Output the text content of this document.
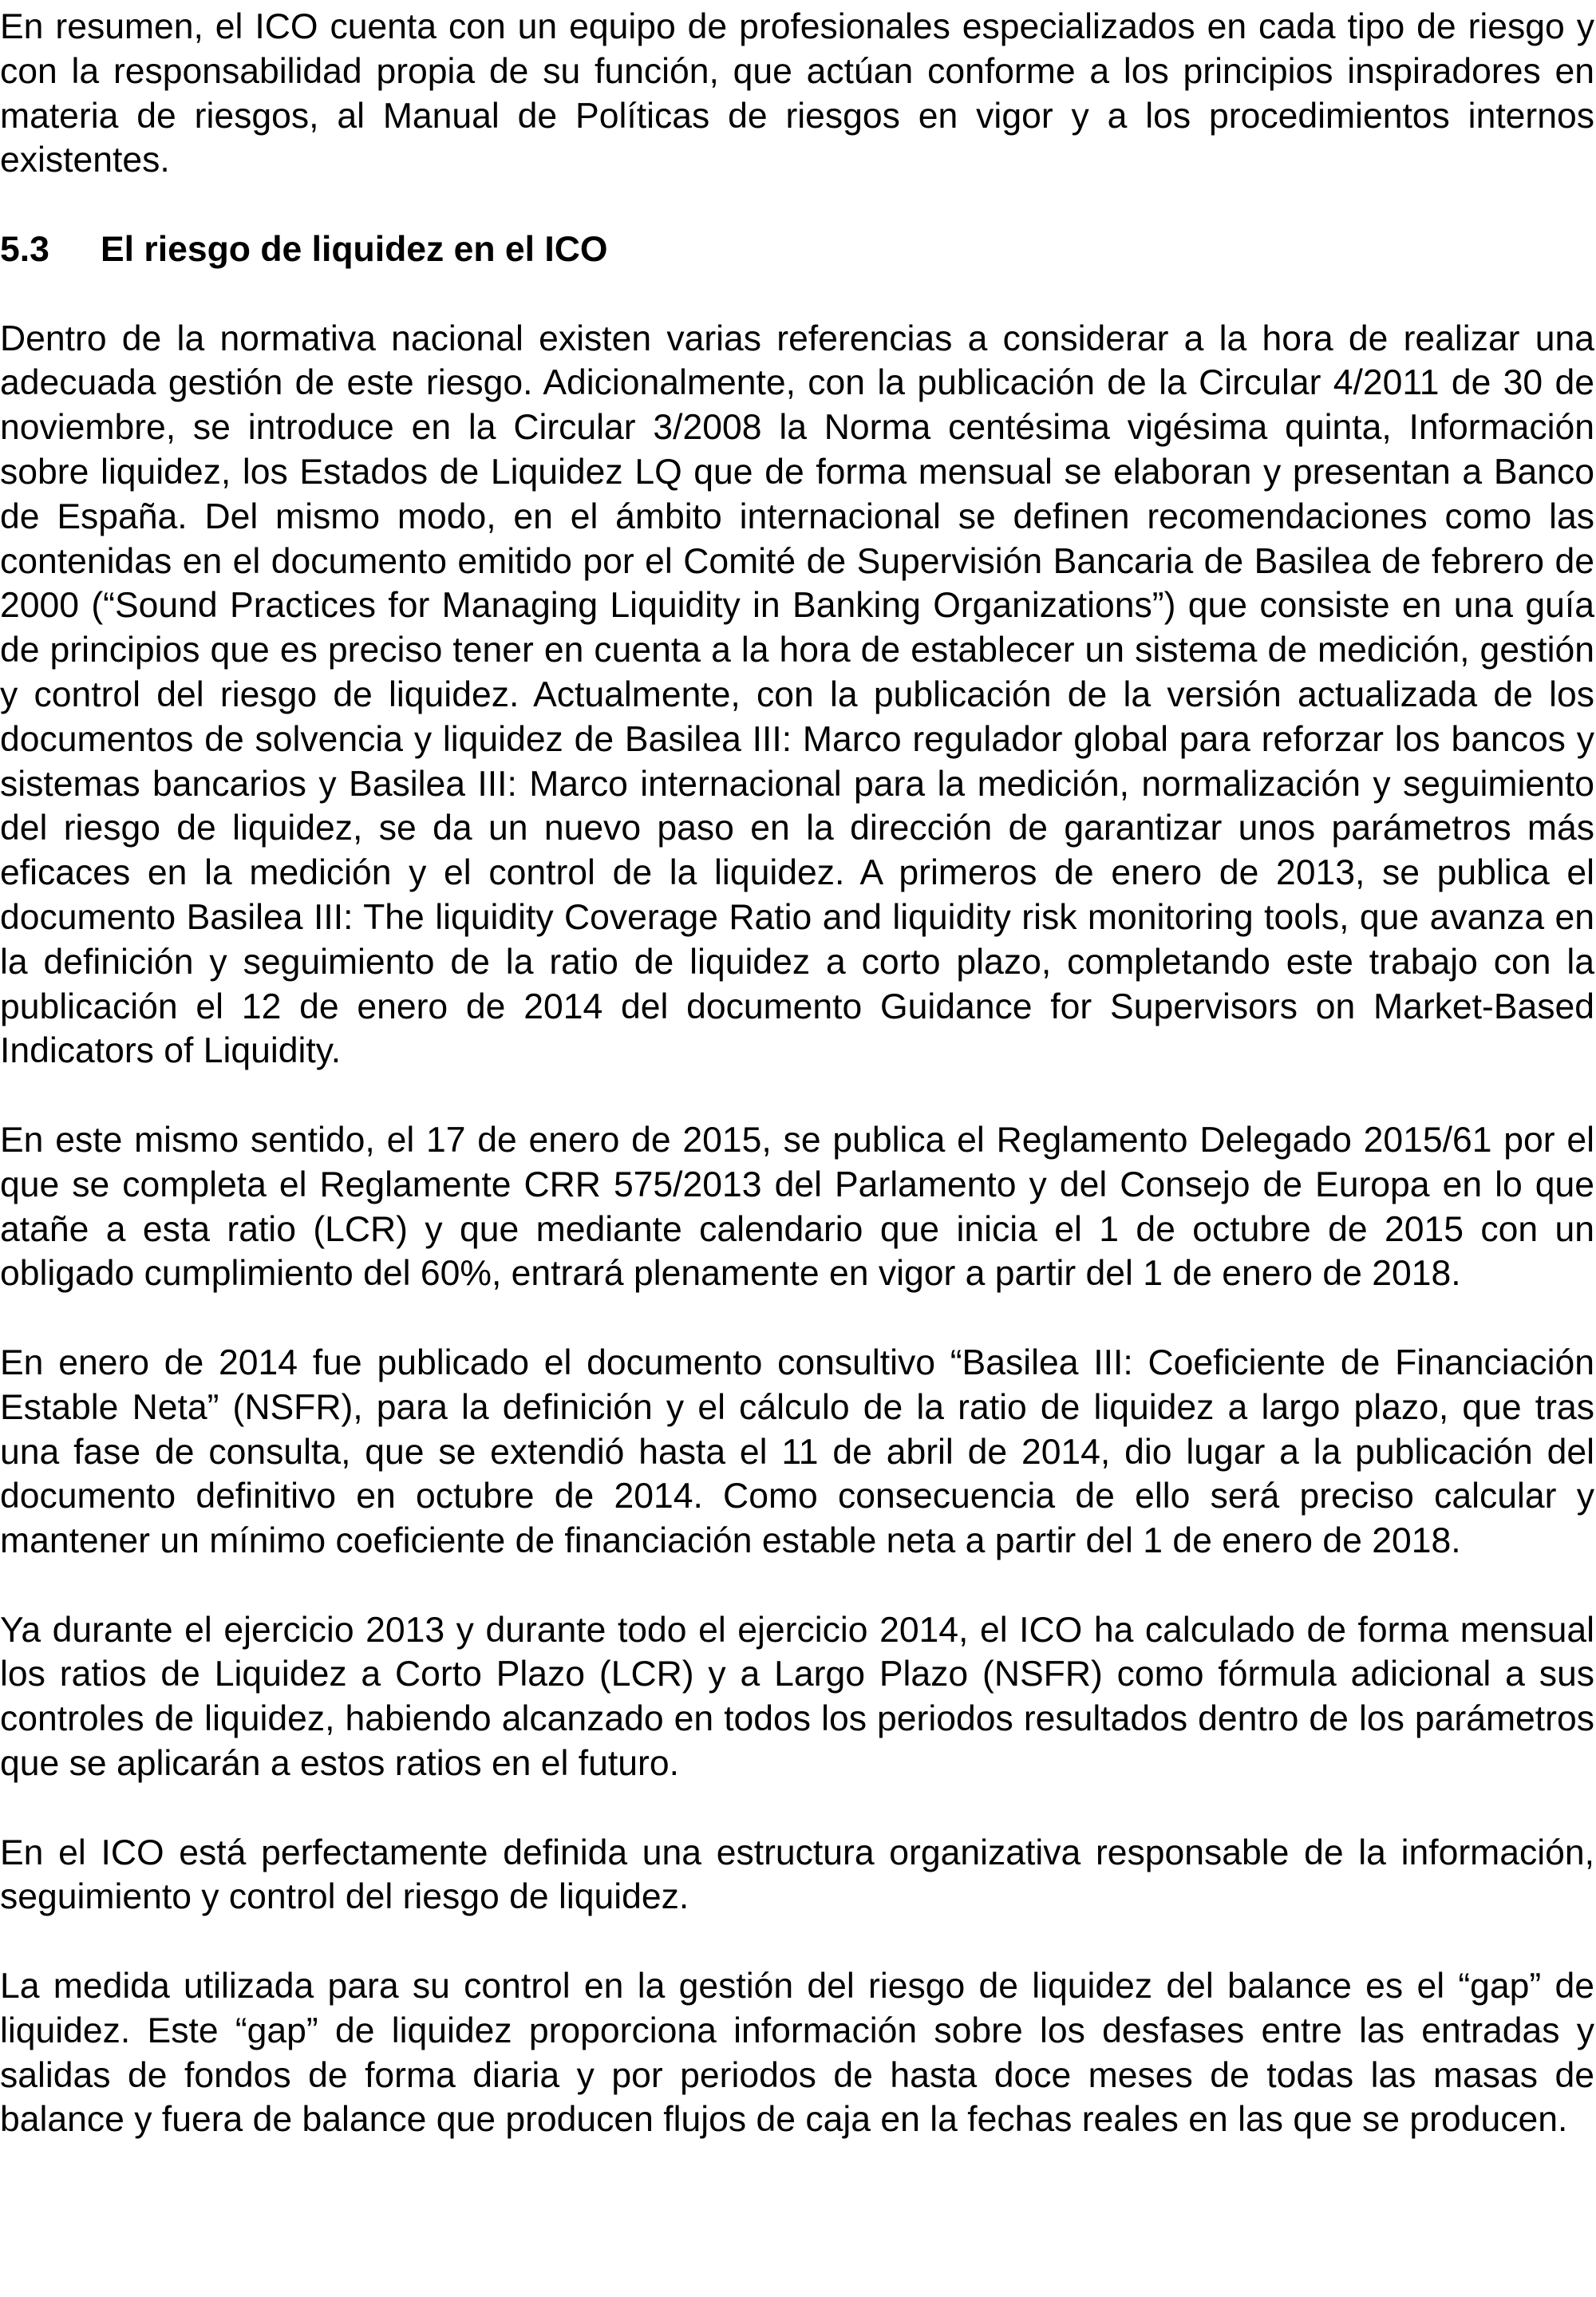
En resumen, el ICO cuenta con un equipo de profesionales especializados en cada tipo de riesgo y con la responsabilidad propia de su función, que actúan conforme a los principios inspiradores en materia de riesgos, al Manual de Políticas de riesgos en vigor y a los procedimientos internos existentes.

5.3	El riesgo de liquidez en el ICO

Dentro de la normativa nacional existen varias referencias a considerar a la hora de realizar una adecuada gestión de este riesgo. Adicionalmente, con la publicación de la Circular 4/2011 de 30 de noviembre, se introduce en la Circular 3/2008 la Norma centésima vigésima quinta, Información sobre liquidez, los Estados de Liquidez LQ que de forma mensual se elaboran y presentan a Banco de España. Del mismo modo, en el ámbito internacional se definen recomendaciones como las contenidas en el documento emitido por el Comité de Supervisión Bancaria de Basilea de febrero de 2000 (“Sound Practices for Managing Liquidity in Banking Organizations”) que consiste en una guía de principios que es preciso tener en cuenta a la hora de establecer un sistema de medición, gestión y control del riesgo de liquidez. Actualmente, con la publicación de la versión actualizada de los documentos de solvencia y liquidez de Basilea III: Marco regulador global para reforzar los bancos y sistemas bancarios y Basilea III: Marco internacional para la medición, normalización y seguimiento del riesgo de liquidez, se da un nuevo paso en la dirección de garantizar unos parámetros más eficaces en la medición y el control de la liquidez. A primeros de enero de 2013, se publica el documento Basilea III: The liquidity Coverage Ratio and liquidity risk monitoring tools, que avanza en la definición y seguimiento de la ratio de liquidez a corto plazo, completando este trabajo con la publicación el 12 de enero de 2014 del documento Guidance for Supervisors on Market-Based Indicators of Liquidity.

En este mismo sentido, el 17 de enero de 2015, se publica el Reglamento Delegado 2015/61 por el que se completa el Reglamente CRR 575/2013 del Parlamento y del Consejo de Europa en lo que atañe a esta ratio (LCR) y que mediante calendario que inicia el 1 de octubre de 2015 con un obligado cumplimiento del 60%, entrará plenamente en vigor a partir del 1 de enero de 2018.

En enero de 2014 fue publicado el documento consultivo “Basilea III: Coeficiente de Financiación Estable Neta” (NSFR), para la definición y el cálculo de la ratio de liquidez a largo plazo, que tras una fase de consulta, que se extendió hasta el 11 de abril de 2014, dio lugar a la publicación del documento definitivo en octubre de 2014. Como consecuencia de ello será preciso calcular y mantener un mínimo coeficiente de financiación estable neta a partir del 1 de enero de 2018.

Ya durante el ejercicio 2013 y durante todo el ejercicio 2014, el ICO ha calculado de forma mensual los ratios de Liquidez a Corto Plazo (LCR) y a Largo Plazo (NSFR) como fórmula adicional a sus controles de liquidez, habiendo alcanzado en todos los periodos resultados dentro de los parámetros que se aplicarán a estos ratios en el futuro.

En el ICO está perfectamente definida una estructura organizativa responsable de la información, seguimiento y control del riesgo de liquidez.

La medida utilizada para su control en la gestión del riesgo de liquidez del balance es el “gap” de liquidez. Este “gap” de liquidez proporciona información sobre los desfases entre las entradas y salidas de fondos de forma diaria y por periodos de hasta doce meses de todas las masas de balance y fuera de balance que producen flujos de caja en la fechas reales en las que se producen.
